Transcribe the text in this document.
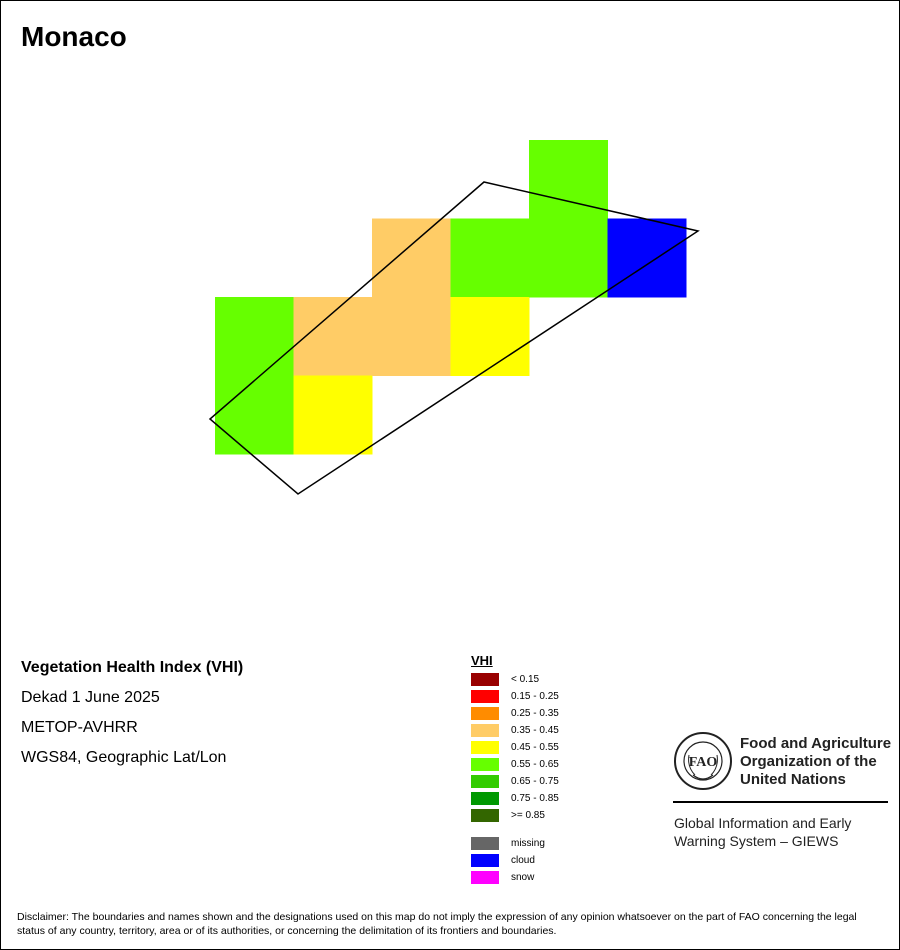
Monaco
Vegetation Health Index (VHI)
Dekad 1 June 2025
METOP-AVHRR
WGS84, Geographic Lat/Lon
VHI
< 0.15
0.15 - 0.25
0.25 - 0.35
0.35 - 0.45
0.45 - 0.55
0.55 - 0.65
0.65 - 0.75
0.75 - 0.85
>= 0.85
missing
cloud
snow
FAO
Food and Agriculture
Organization of the
United Nations
Global Information and Early
Warning System – GIEWS
Disclaimer: The boundaries and names shown and the designations used on this map do not imply the expression of any opinion whatsoever on the part of FAO concerning the legal status of any country, territory, area or of its authorities, or concerning the delimitation of its frontiers and boundaries.
